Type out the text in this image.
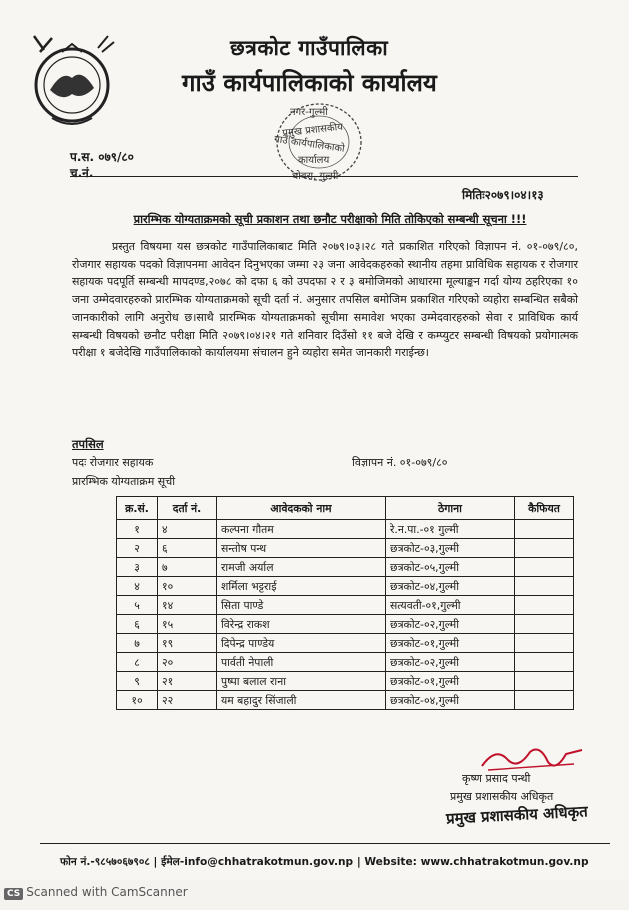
छत्रकोट गाउँपालिका
गाउँ कार्यपालिकाको कार्यालय
नगर-गुल्मी
प्रमुख प्रशासकीय
गाउँ कार्यपालिकाको
कार्यालय
धोबरा, गुल्मी
प.स. ०७९/८०
च.नं.
मितिः२०७९।०४।१३
प्रारम्भिक योग्यताक्रमको सूची प्रकाशन तथा छनौट परीक्षाको मिति तोकिएको सम्बन्धी सूचना !!!

प्रस्तुत विषयमा यस छत्रकोट गाउँपालिकाबाट मिति २०७९।०३।२८ गते प्रकाशित गरिएको विज्ञापन नं. ०१-०७९/८०, रोजगार सहायक पदको विज्ञापनमा आवेदन दिनुभएका जम्मा २३ जना आवेदकहरुको स्थानीय तहमा प्राविधिक सहायक र रोजगार सहायक पदपूर्ति सम्बन्धी मापदण्ड,२०७८ को दफा ६ को उपदफा २ र ३ बमोजिमको आधारमा मूल्याङ्कन गर्दा योग्य ठहरिएका १० जना उम्मेदवारहरुको प्रारम्भिक योग्यताक्रमको सूची दर्ता नं. अनुसार तपसिल बमोजिम प्रकाशित गरिएको व्यहोरा सम्बन्धित सबैको जानकारीको लागि अनुरोध छ।साथै प्रारम्भिक योग्यताक्रमको सूचीमा समावेश भएका उम्मेदवारहरुको सेवा र प्राविधिक कार्य सम्बन्धी विषयको छनौट परीक्षा मिति २०७९।०४।२१ गते शनिवार दिउँसो ११ बजे देखि र कम्प्युटर सम्बन्धी विषयको प्रयोगात्मक परीक्षा १ बजेदेखि गाउँपालिकाको कार्यालयमा संचालन हुने व्यहोरा समेत जानकारी गराईन्छ।

तपसिल
पदः रोजगार सहायक	विज्ञापन नं. ०१-०७९/८०
प्रारम्भिक योग्यताक्रम सूची
क्र.सं.	दर्ता नं.	आवेदकको नाम	ठेगाना	कैफियत
१	४	कल्पना गौतम	रे.न.पा.-०१ गुल्मी	
२	६	सन्तोष पन्थ	छत्रकोट-०३,गुल्मी	
३	७	रामजी अर्याल	छत्रकोट-०५,गुल्मी	
४	१०	शर्मिला भट्टराई	छत्रकोट-०४,गुल्मी	
५	१४	सिता पाण्डे	सत्यवती-०१,गुल्मी	
६	१५	विरेन्द्र राकश	छत्रकोट-०२,गुल्मी	
७	१९	दिपेन्द्र पाण्डेय	छत्रकोट-०१,गुल्मी	
८	२०	पार्वती नेपाली	छत्रकोट-०२,गुल्मी	
९	२१	पुष्पा बलाल राना	छत्रकोट-०१,गुल्मी	
१०	२२	यम बहादुर सिंजाली	छत्रकोट-०४,गुल्मी	
कृष्ण प्रसाद पन्थी
प्रमुख प्रशासकीय अधिकृत
प्रमुख प्रशासकीय अधिकृत
फोन नं.-९८५७०६७९०८ | ईमेल-info@chhatrakotmun.gov.np | Website: www.chhatrakotmun.gov.np
CS Scanned with CamScanner
